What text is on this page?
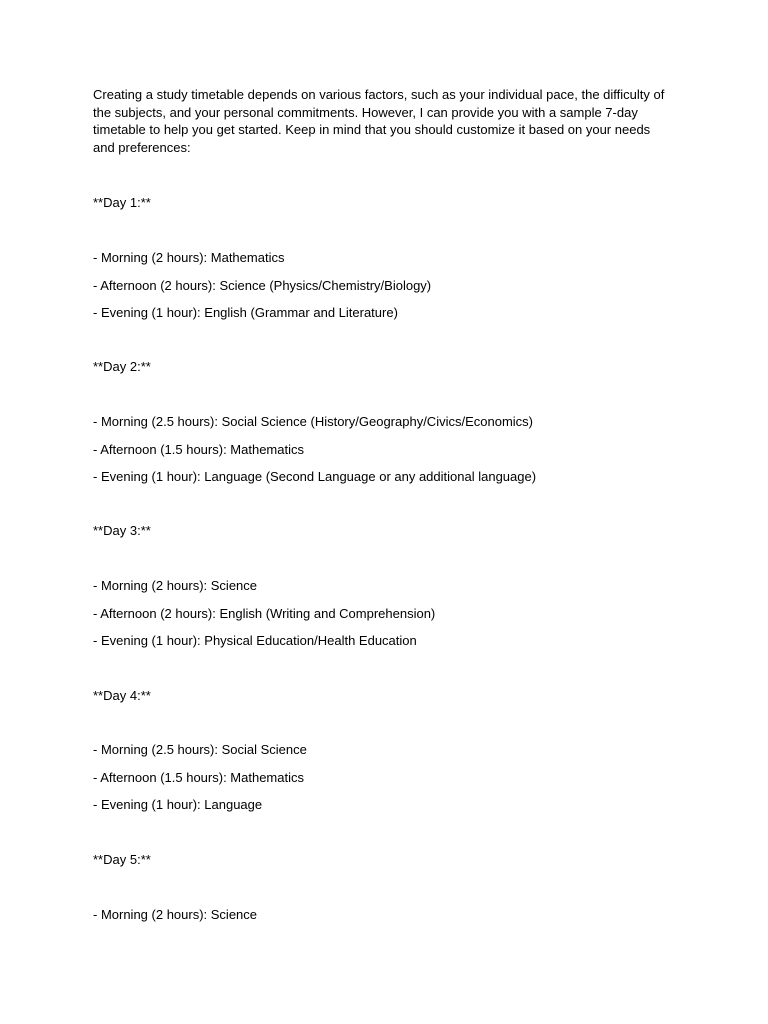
Creating a study timetable depends on various factors, such as your individual pace, the difficulty of the subjects, and your personal commitments. However, I can provide you with a sample 7-day timetable to help you get started. Keep in mind that you should customize it based on your needs and preferences:

**Day 1:**

- Morning (2 hours): Mathematics

- Afternoon (2 hours): Science (Physics/Chemistry/Biology)

- Evening (1 hour): English (Grammar and Literature)

**Day 2:**

- Morning (2.5 hours): Social Science (History/Geography/Civics/Economics)

- Afternoon (1.5 hours): Mathematics

- Evening (1 hour): Language (Second Language or any additional language)

**Day 3:**

- Morning (2 hours): Science

- Afternoon (2 hours): English (Writing and Comprehension)

- Evening (1 hour): Physical Education/Health Education

**Day 4:**

- Morning (2.5 hours): Social Science

- Afternoon (1.5 hours): Mathematics

- Evening (1 hour): Language

**Day 5:**

- Morning (2 hours): Science
